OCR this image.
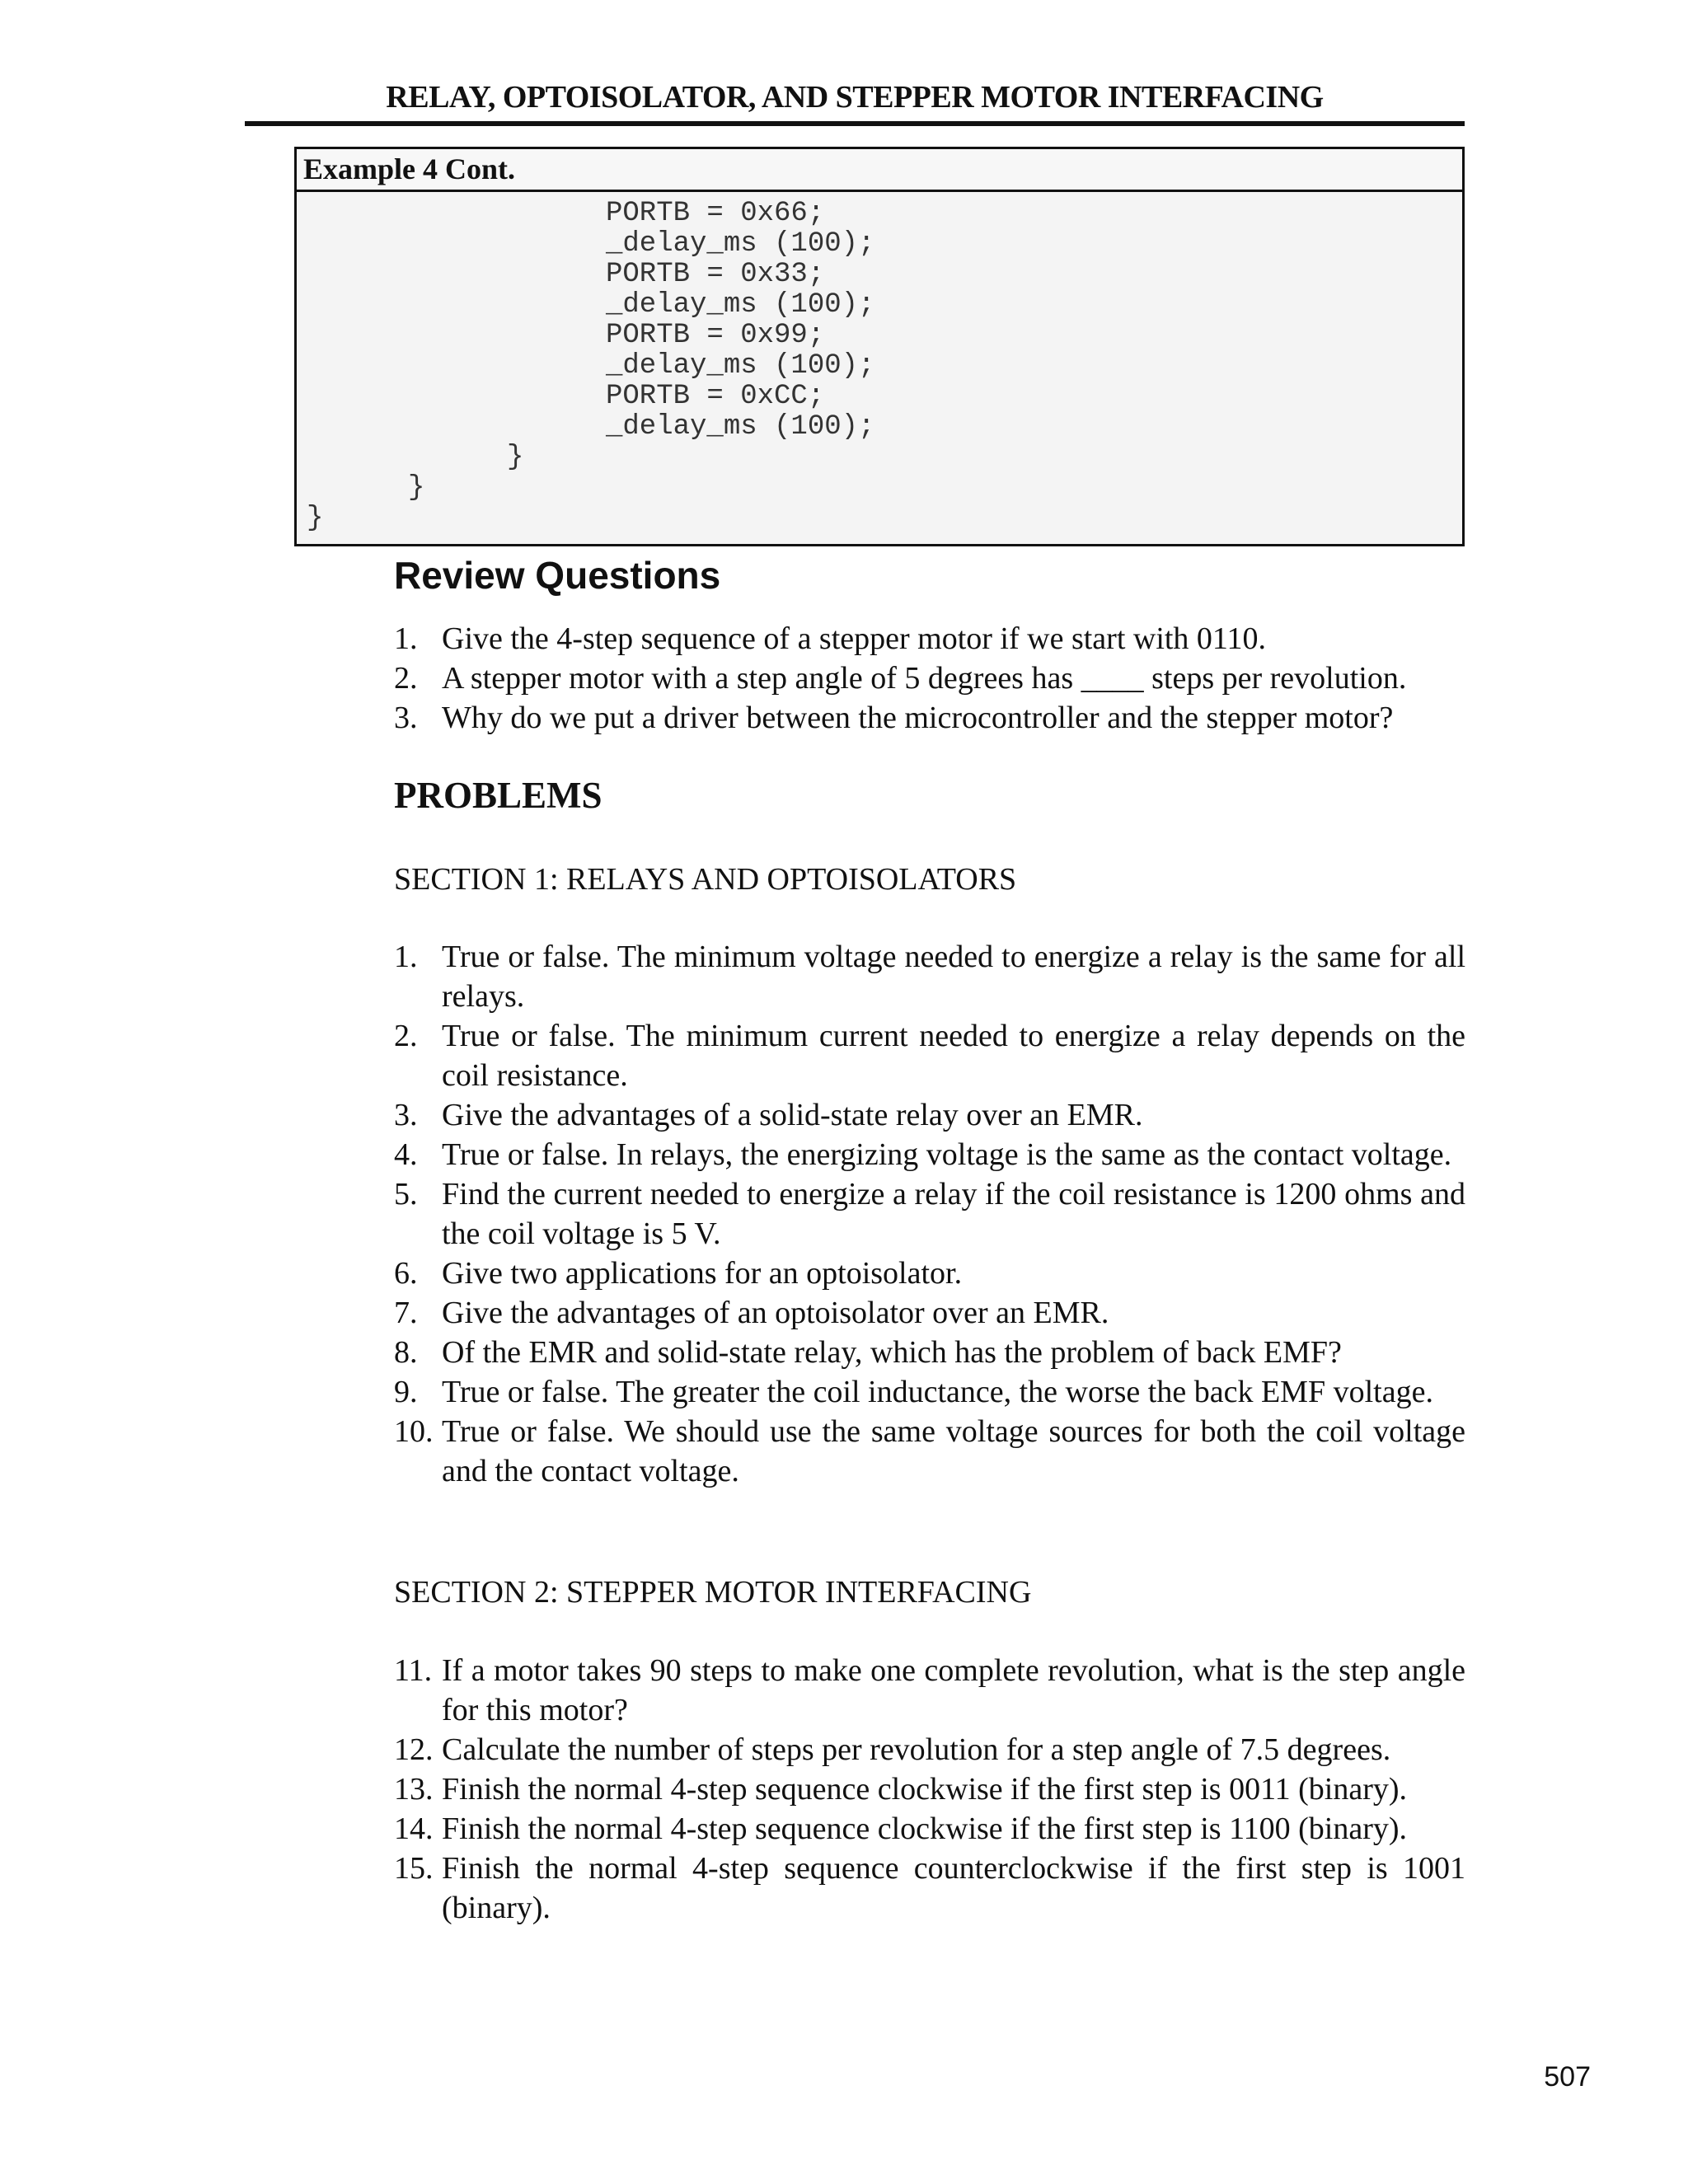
RELAY, OPTOISOLATOR, AND STEPPER MOTOR INTERFACING
Example 4 Cont.
PORTB = 0x66;
_delay_ms (100);
PORTB = 0x33;
_delay_ms (100);
PORTB = 0x99;
_delay_ms (100);
PORTB = 0xCC;
_delay_ms (100);
}
}
}
Review Questions
1. Give the 4-step sequence of a stepper motor if we start with 0110.
2. A stepper motor with a step angle of 5 degrees has ____ steps per revolution.
3. Why do we put a driver between the microcontroller and the stepper motor?
PROBLEMS
SECTION 1: RELAYS AND OPTOISOLATORS
1. True or false. The minimum voltage needed to energize a relay is the same for all relays.
2. True or false. The minimum current needed to energize a relay depends on the coil resistance.
3. Give the advantages of a solid-state relay over an EMR.
4. True or false. In relays, the energizing voltage is the same as the contact voltage.
5. Find the current needed to energize a relay if the coil resistance is 1200 ohms and the coil voltage is 5 V.
6. Give two applications for an optoisolator.
7. Give the advantages of an optoisolator over an EMR.
8. Of the EMR and solid-state relay, which has the problem of back EMF?
9. True or false. The greater the coil inductance, the worse the back EMF voltage.
10. True or false. We should use the same voltage sources for both the coil voltage and the contact voltage.
SECTION 2: STEPPER MOTOR INTERFACING
11. If a motor takes 90 steps to make one complete revolution, what is the step angle for this motor?
12. Calculate the number of steps per revolution for a step angle of 7.5 degrees.
13. Finish the normal 4-step sequence clockwise if the first step is 0011 (binary).
14. Finish the normal 4-step sequence clockwise if the first step is 1100 (binary).
15. Finish the normal 4-step sequence counterclockwise if the first step is 1001 (binary).
507
